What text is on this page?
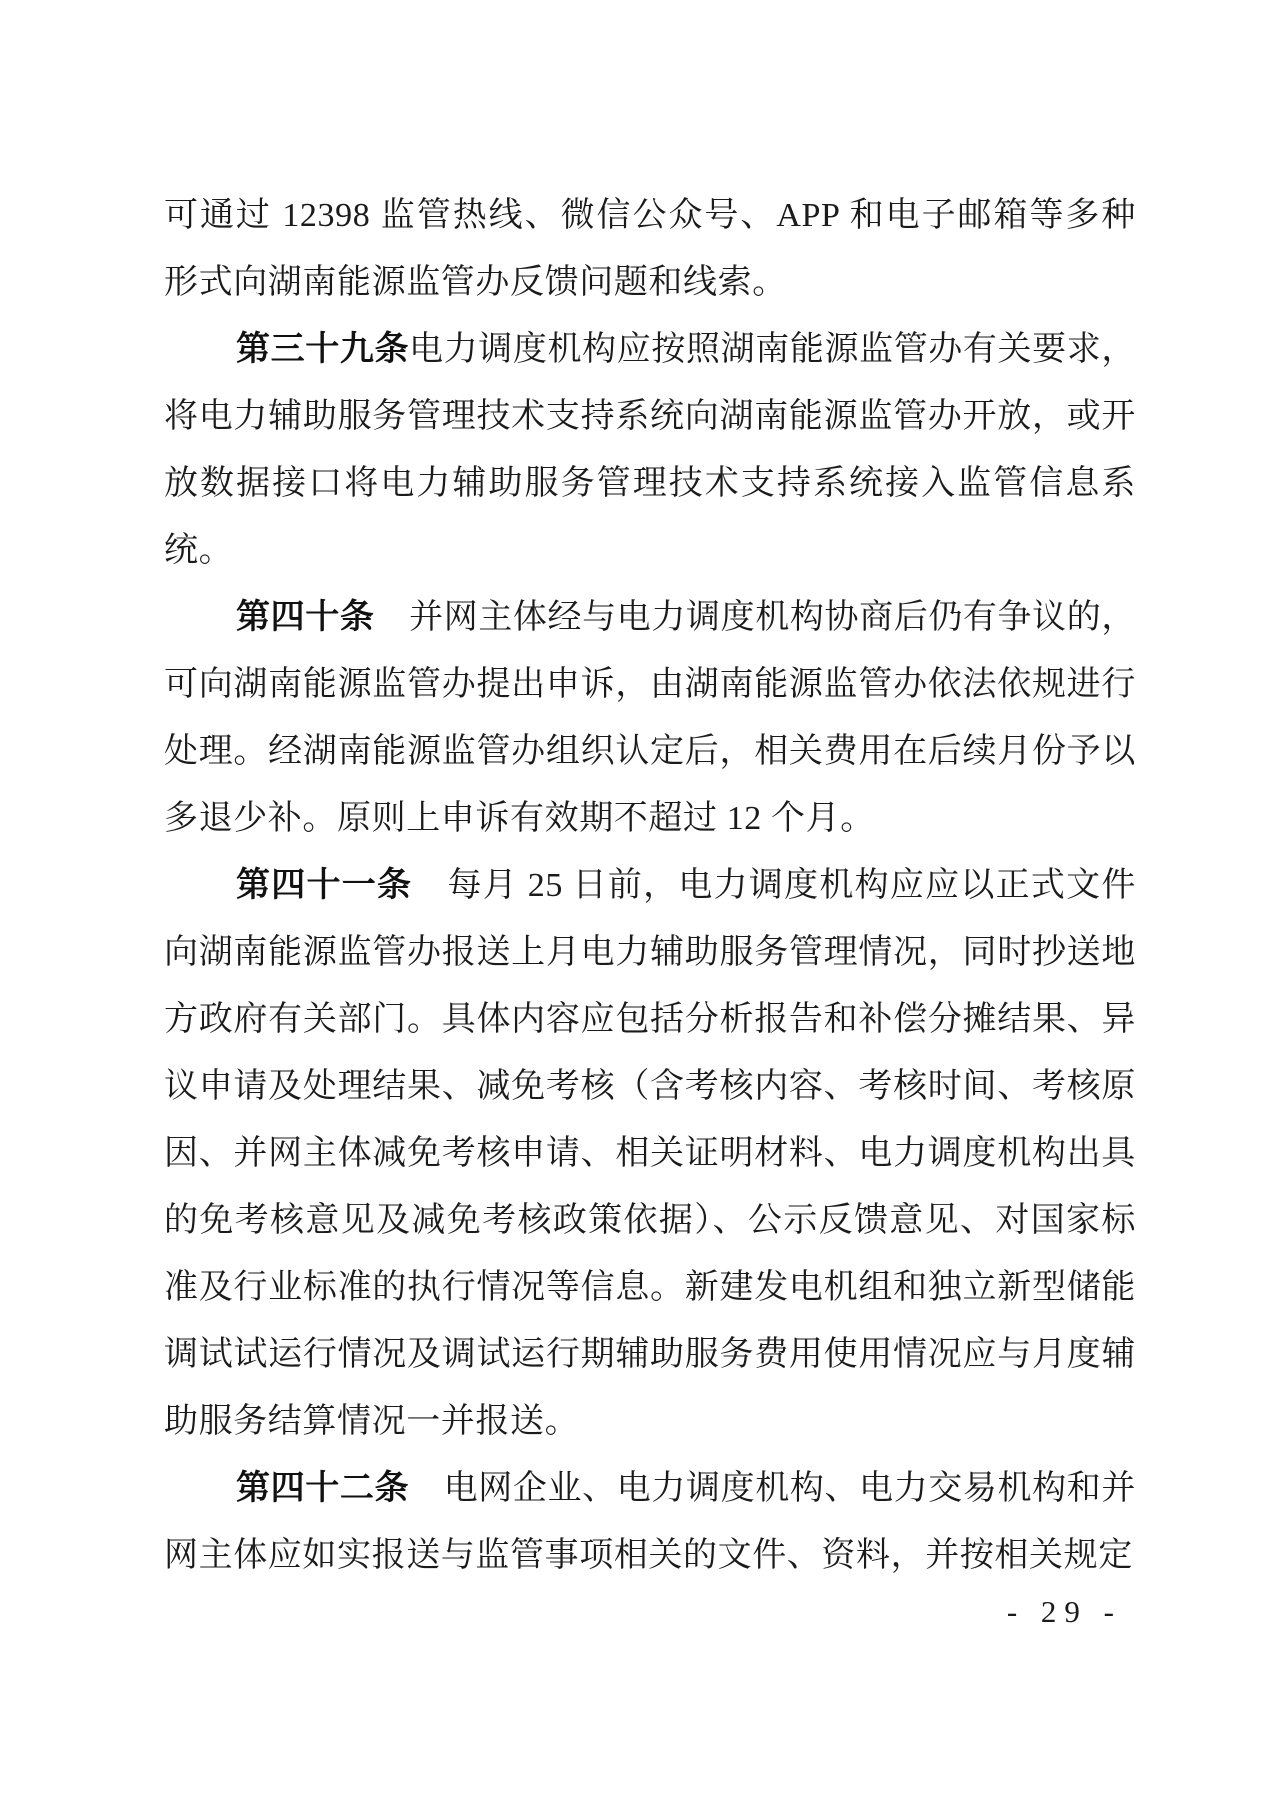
可通过 12398 监管热线、微信公众号、APP 和电子邮箱等多种形式向湖南能源监管办反馈问题和线索。

第三十九条电力调度机构应按照湖南能源监管办有关要求，将电力辅助服务管理技术支持系统向湖南能源监管办开放，或开放数据接口将电力辅助服务管理技术支持系统接入监管信息系统。

第四十条　并网主体经与电力调度机构协商后仍有争议的，可向湖南能源监管办提出申诉，由湖南能源监管办依法依规进行处理。经湖南能源监管办组织认定后，相关费用在后续月份予以多退少补。原则上申诉有效期不超过 12 个月。

第四十一条　每月 25 日前，电力调度机构应应以正式文件向湖南能源监管办报送上月电力辅助服务管理情况，同时抄送地方政府有关部门。具体内容应包括分析报告和补偿分摊结果、异议申请及处理结果、减免考核（含考核内容、考核时间、考核原因、并网主体减免考核申请、相关证明材料、电力调度机构出具的免考核意见及减免考核政策依据）、公示反馈意见、对国家标准及行业标准的执行情况等信息。新建发电机组和独立新型储能调试试运行情况及调试运行期辅助服务费用使用情况应与月度辅助服务结算情况一并报送。

第四十二条　电网企业、电力调度机构、电力交易机构和并网主体应如实报送与监管事项相关的文件、资料，并按相关规定

- 29 -
